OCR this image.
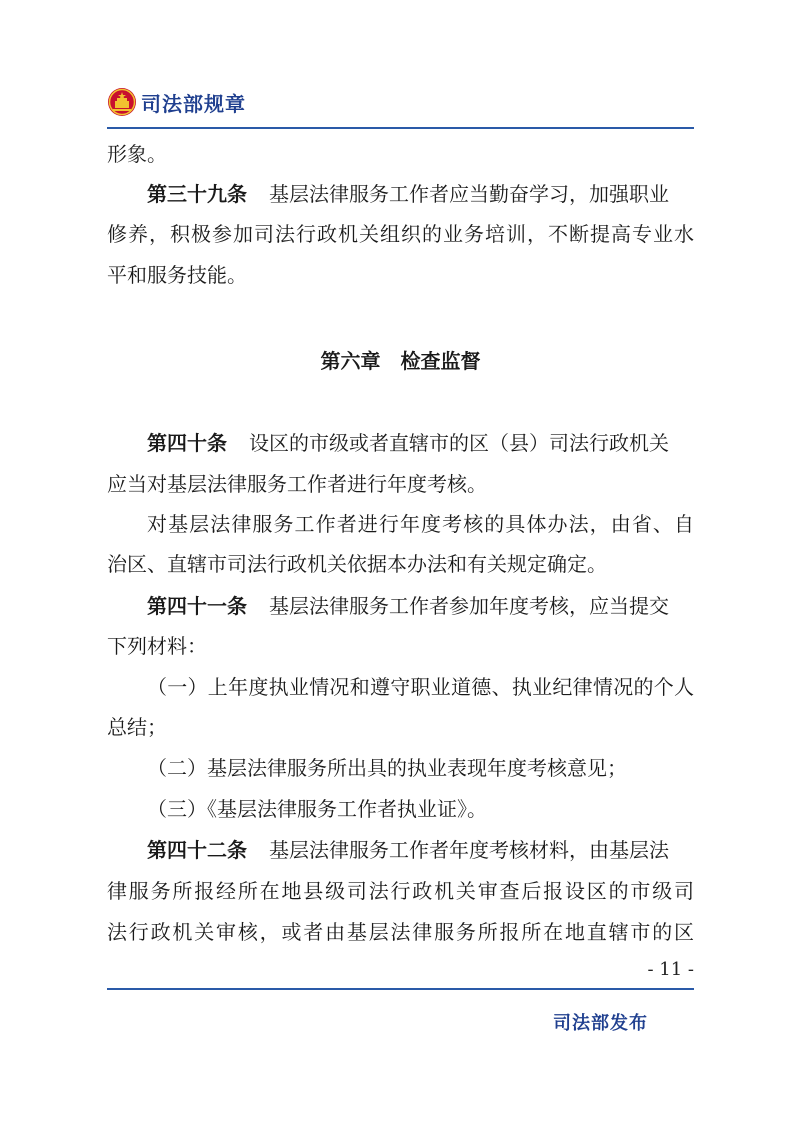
司法部规章
形象。
第三十九条 基层法律服务工作者应当勤奋学习，加强职业
修养，积极参加司法行政机关组织的业务培训，不断提高专业水
平和服务技能。
第六章 检查监督
第四十条 设区的市级或者直辖市的区（县）司法行政机关
应当对基层法律服务工作者进行年度考核。
对基层法律服务工作者进行年度考核的具体办法，由省、自
治区、直辖市司法行政机关依据本办法和有关规定确定。
第四十一条 基层法律服务工作者参加年度考核，应当提交
下列材料：
（一）上年度执业情况和遵守职业道德、执业纪律情况的个人
总结；
（二）基层法律服务所出具的执业表现年度考核意见；
（三）《基层法律服务工作者执业证》。
第四十二条 基层法律服务工作者年度考核材料，由基层法
律服务所报经所在地县级司法行政机关审查后报设区的市级司
法行政机关审核，或者由基层法律服务所报所在地直辖市的区
- 11 -
司法部发布
